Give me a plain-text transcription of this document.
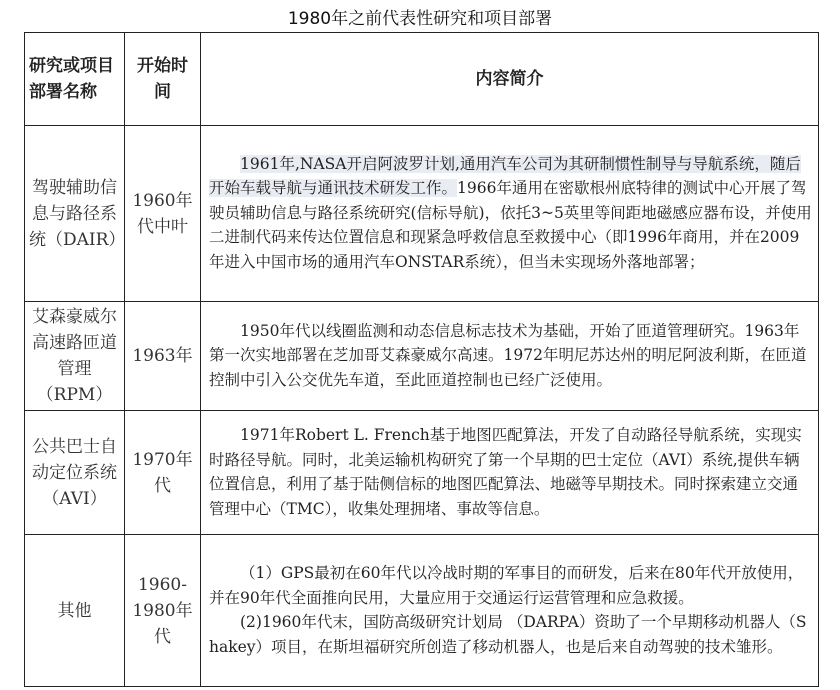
1980年之前代表性研究和项目部署
研究或项目部署名称	开始时间	内容简介
驾驶辅助信息与路径系统（DAIR）	1960年代中叶	1961年,NASA开启阿波罗计划,通用汽车公司为其研制惯性制导与导航系统，随后开始车载导航与通讯技术研发工作。1966年通用在密歇根州底特律的测试中心开展了驾驶员辅助信息与路径系统研究(信标导航)，依托3~5英里等间距地磁感应器布设，并使用二进制代码来传达位置信息和现紧急呼救信息至救援中心（即1996年商用，并在2009年进入中国市场的通用汽车ONSTAR系统），但当未实现场外落地部署；

艾森豪威尔高速路匝道管理（RPM）	1963年	1950年代以线圈监测和动态信息标志技术为基础，开始了匝道管理研究。1963年第一次实地部署在芝加哥艾森豪威尔高速。1972年明尼苏达州的明尼阿波利斯，在匝道控制中引入公交优先车道，至此匝道控制也已经广泛使用。

公共巴士自动定位系统（AVI）	1970年代	1971年Robert L. French基于地图匹配算法，开发了自动路径导航系统，实现实时路径导航。同时，北美运输机构研究了第一个早期的巴士定位（AVI）系统,提供车辆位置信息，利用了基于陆侧信标的地图匹配算法、地磁等早期技术。同时探索建立交通管理中心（TMC），收集处理拥堵、事故等信息。

其他	1960-1980年代	（1）GPS最初在60年代以冷战时期的军事目的而研发，后来在80年代开放使用，并在90年代全面推向民用，大量应用于交通运行运营管理和应急救援。

(2)1960年代末，国防高级研究计划局 （DARPA）资助了一个早期移动机器人（Shakey）项目，在斯坦福研究所创造了移动机器人，也是后来自动驾驶的技术雏形。
